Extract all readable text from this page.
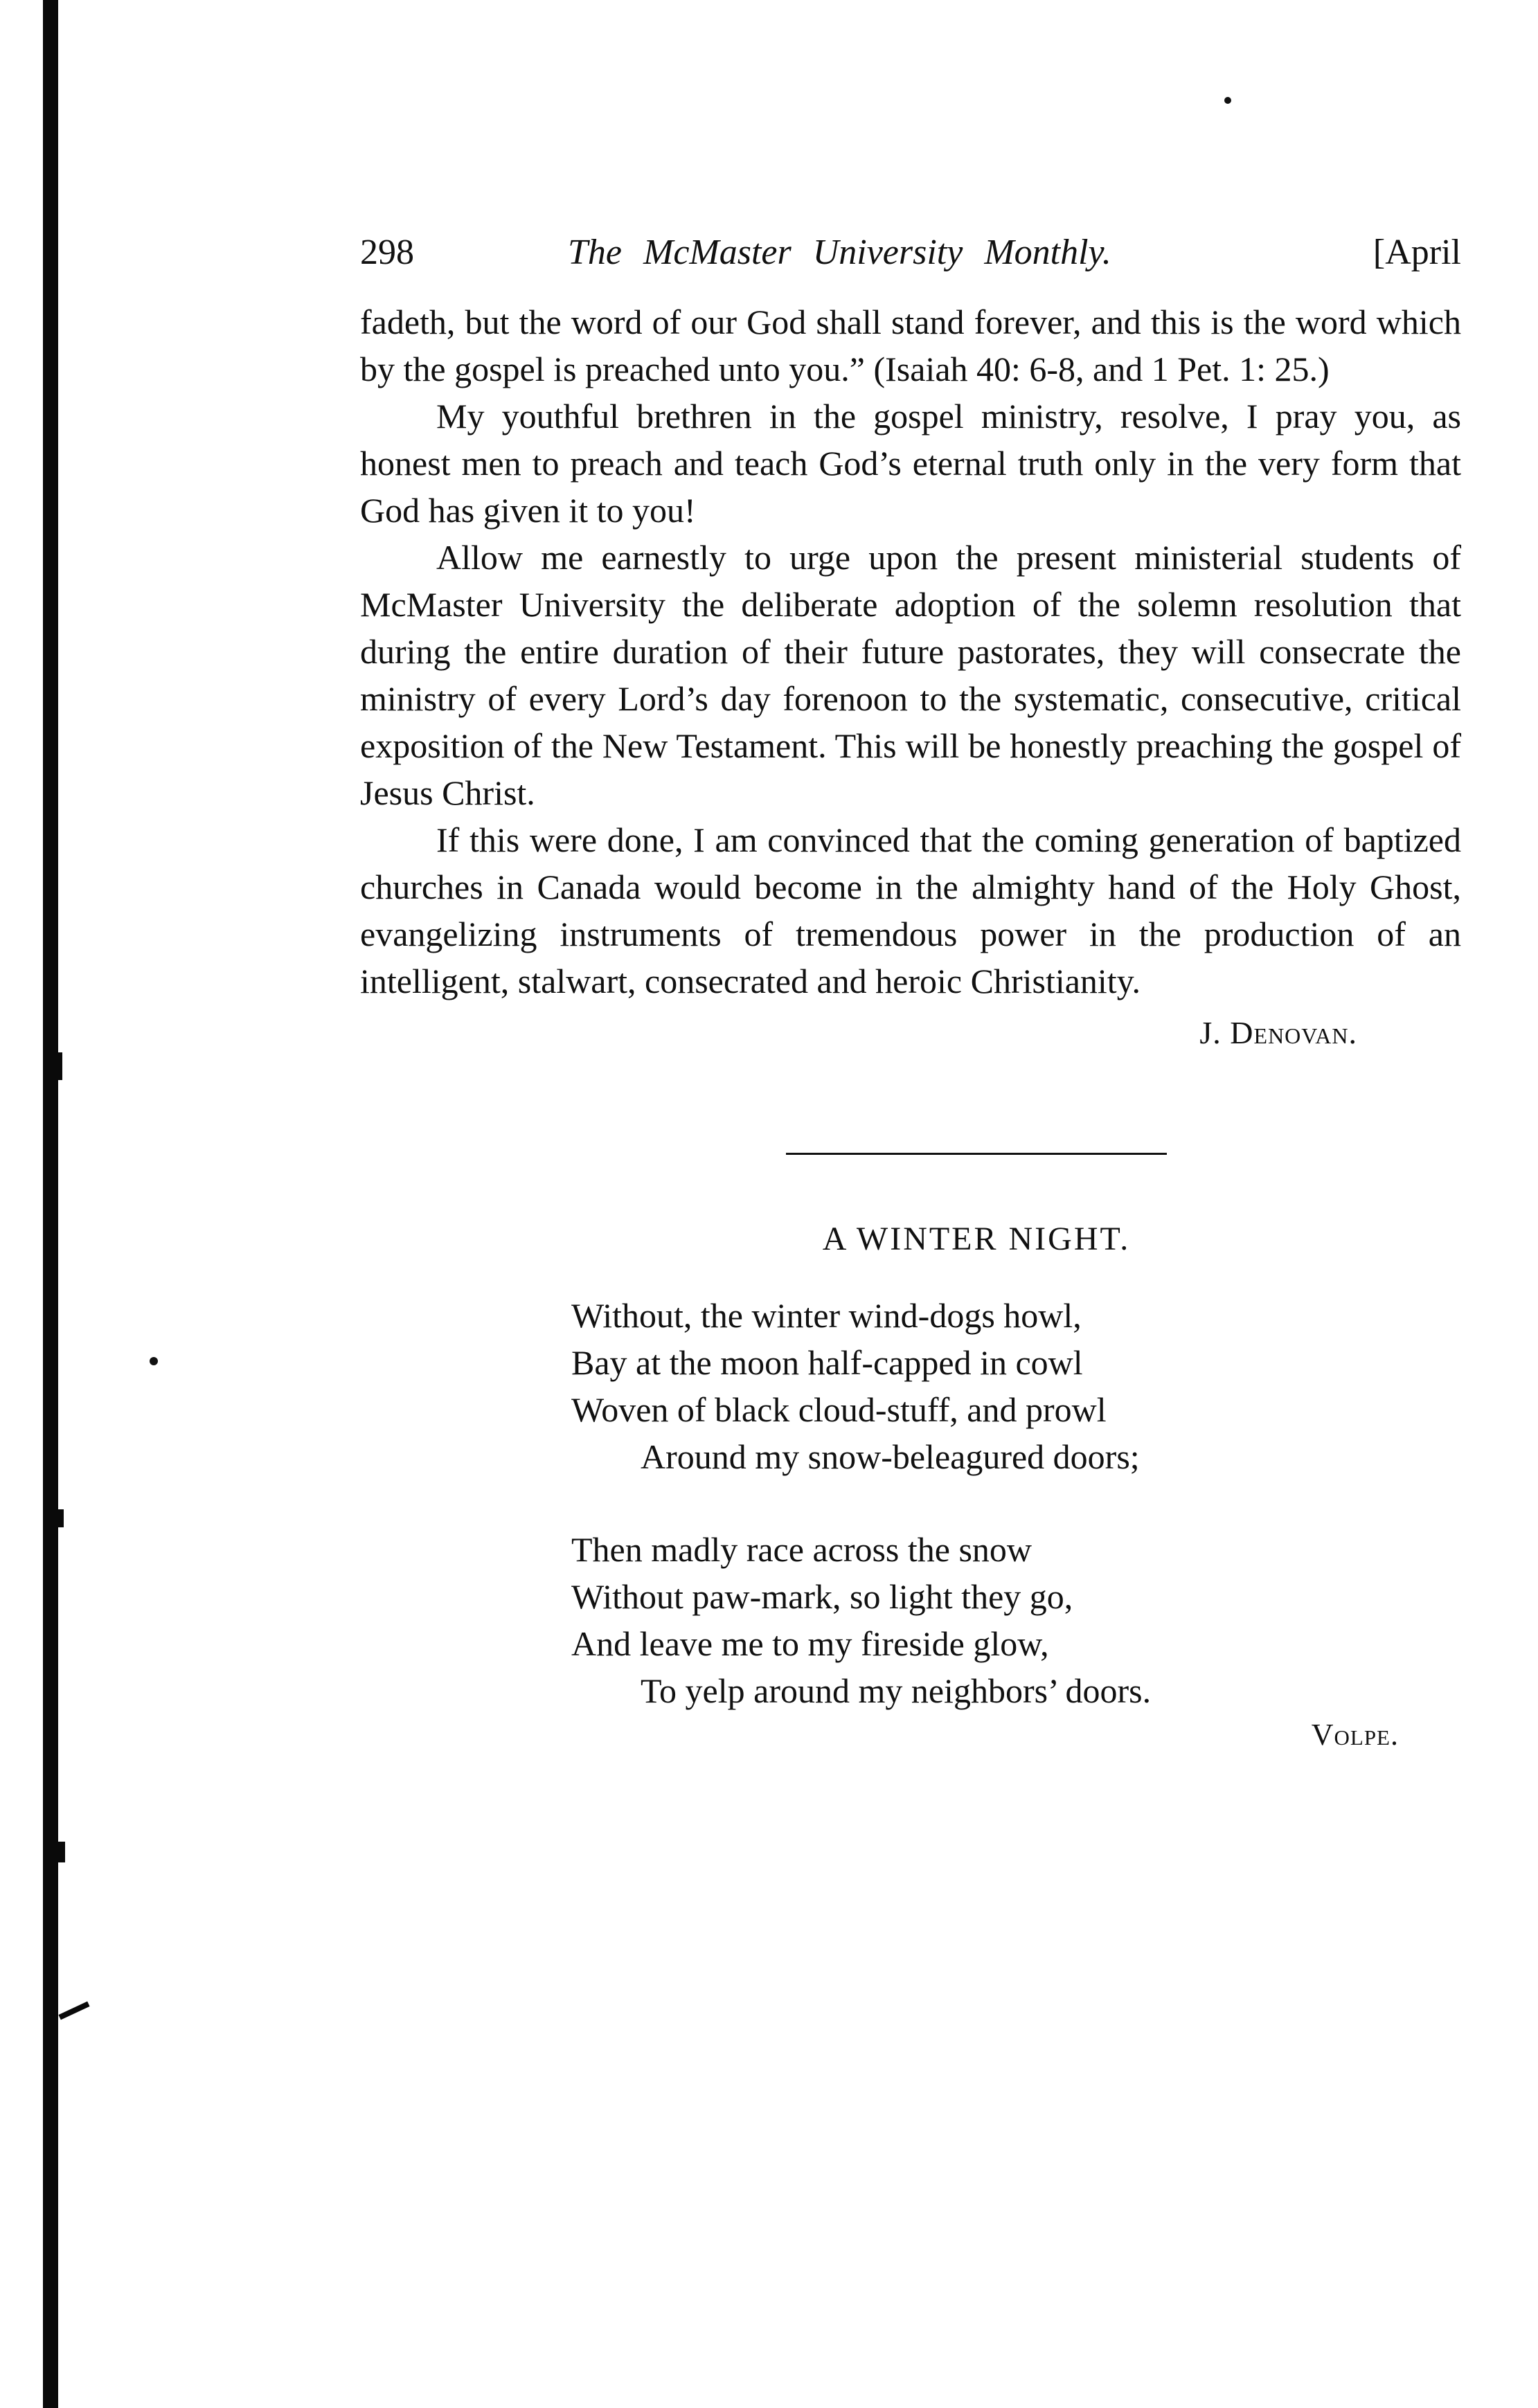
298	The McMaster University Monthly.	[April

fadeth, but the word of our God shall stand forever, and this is the word which by the gospel is preached unto you.” (Isaiah 40: 6-8, and 1 Pet. 1: 25.)

My youthful brethren in the gospel ministry, resolve, I pray you, as honest men to preach and teach God’s eternal truth only in the very form that God has given it to you!

Allow me earnestly to urge upon the present ministerial students of McMaster University the deliberate adoption of the solemn resolution that during the entire duration of their future pastorates, they will consecrate the ministry of every Lord’s day forenoon to the systematic, consecutive, critical exposition of the New Testament. This will be honestly preaching the gospel of Jesus Christ.

If this were done, I am convinced that the coming generation of baptized churches in Canada would become in the almighty hand of the Holy Ghost, evangelizing instruments of tremendous power in the production of an intelligent, stalwart, consecrated and heroic Christianity.

J. Denovan.
A WINTER NIGHT.
Without, the winter wind-dogs howl,
Bay at the moon half-capped in cowl
Woven of black cloud-stuff, and prowl
Around my snow-beleagured doors;
Then madly race across the snow
Without paw-mark, so light they go,
And leave me to my fireside glow,
To yelp around my neighbors’ doors.
Volpe.
